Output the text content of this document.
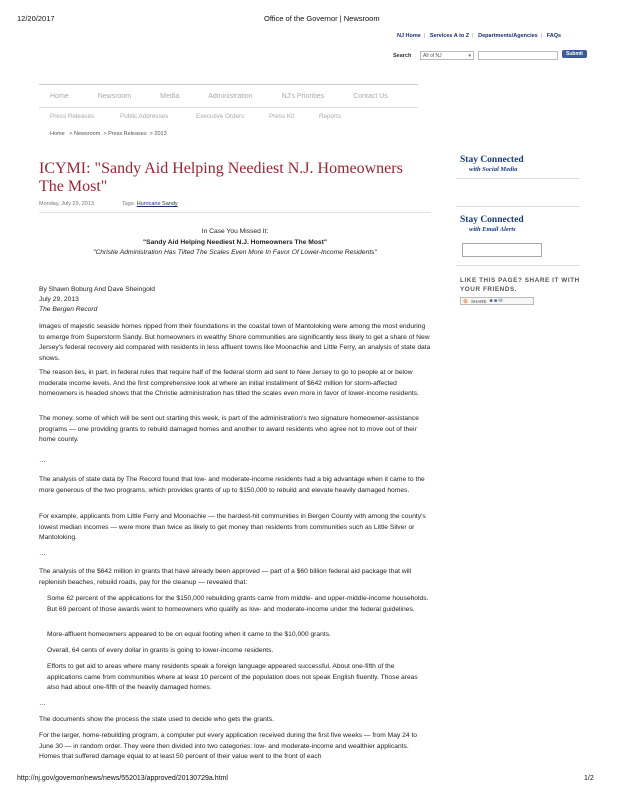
12/20/2017	Office of the Governor | Newsroom
NJ Home | Services A to Z | Departments/Agencies | FAQs
Search	All of NJ	▾	Submit
Home	Newsroom	Media	Administration	NJ's Priorities	Contact Us
Press Releases	Public Addresses	Executive Orders	Press Kit	Reports
Home   > Newsroom  > Press Releases  > 2013
ICYMI: "Sandy Aid Helping Neediest N.J. Homeowners The Most"
Monday, July 29, 2013	Tags: Hurricane Sandy
In Case You Missed It:
"Sandy Aid Helping Neediest N.J. Homeowners The Most"
"Christie Administration Has Tilted The Scales Even More In Favor Of Lower-Income Residents"
By Shawn Boburg And Dave Sheingold
July 29, 2013
The Bergen Record
Images of majestic seaside homes ripped from their foundations in the coastal town of Mantoloking were among the most enduring to emerge from Superstorm Sandy. But homeowners in wealthy Shore communities are significantly less likely to get a share of New Jersey's federal recovery aid compared with residents in less affluent towns like Moonachie and Little Ferry, an analysis of state data shows.
The reason lies, in part, in federal rules that require half of the federal storm aid sent to New Jersey to go to people at or below moderate income levels. And the first comprehensive look at where an initial installment of $642 million for storm-affected homeowners is headed shows that the Christie administration has tilted the scales even more in favor of lower-income residents.
The money, some of which will be sent out starting this week, is part of the administration's two signature homeowner-assistance programs — one providing grants to rebuild damaged homes and another to award residents who agree not to move out of their home county.
…
The analysis of state data by The Record found that low- and moderate-income residents had a big advantage when it came to the more generous of the two programs, which provides grants of up to $150,000 to rebuild and elevate heavily damaged homes.
For example, applicants from Little Ferry and Moonachie — the hardest-hit communities in Bergen County with among the county's lowest median incomes — were more than twice as likely to get money than residents from communities such as Little Silver or Mantoloking.
…
The analysis of the $642 million in grants that have already been approved — part of a $60 billion federal aid package that will replenish beaches, rebuild roads, pay for the cleanup — revealed that:
Some 62 percent of the applications for the $150,000 rebuilding grants came from middle- and upper-middle-income households. But 69 percent of those awards went to homeowners who qualify as low- and moderate-income under the federal guidelines.
More-affluent homeowners appeared to be on equal footing when it came to the $10,000 grants.
Overall, 64 cents of every dollar in grants is going to lower-income residents.
Efforts to get aid to areas where many residents speak a foreign language appeared successful. About one-fifth of the applications came from communities where at least 10 percent of the population does not speak English fluently. Those areas also had about one-fifth of the heavily damaged homes.
…
The documents show the process the state used to decide who gets the grants.
For the larger, home-rebuilding program, a computer put every application received during the first five weeks — from May 24 to June 30 — in random order. They were then divided into two categories: low- and moderate-income and wealthier applicants. Homes that suffered damage equal to at least 50 percent of their value went to the front of each
Stay Connected
with Social Media
Stay Connected
with Email Alerts
LIKE THIS PAGE? SHARE IT WITH YOUR FRIENDS.
⊕ SHARE ■ ■ ✉
http://nj.gov/governor/news/news/552013/approved/20130729a.html	1/2
